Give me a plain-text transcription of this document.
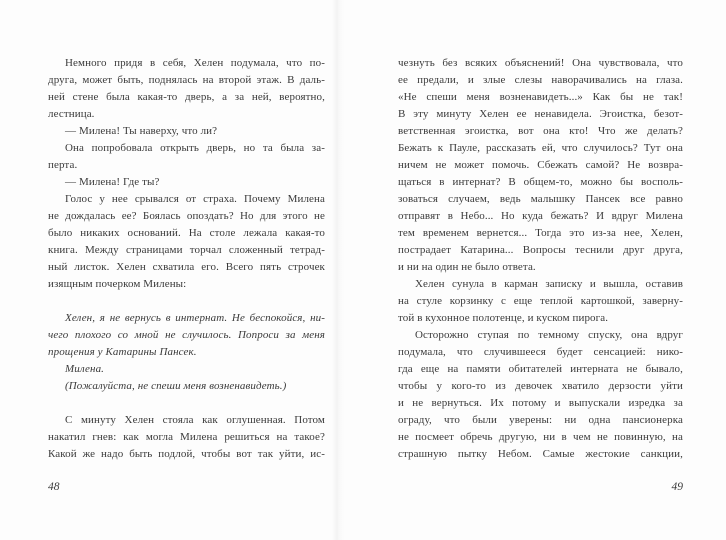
Немного придя в себя, Хелен подумала, что по-
друга, может быть, поднялась на второй этаж. В даль-
ней стене была какая-то дверь, а за ней, вероятно,
лестница.
— Милена! Ты наверху, что ли?
Она попробовала открыть дверь, но та была за-
перта.
— Милена! Где ты?
Голос у нее срывался от страха. Почему Милена
не дождалась ее? Боялась опоздать? Но для этого не
было никаких оснований. На столе лежала какая-то
книга. Между страницами торчал сложенный тетрад-
ный листок. Хелен схватила его. Всего пять строчек
изящным почерком Милены:
Хелен, я не вернусь в интернат. Не беспокойся, ни-
чего плохого со мной не случилось. Попроси за меня
прощения у Катарины Пансек.
Милена.
(Пожалуйста, не спеши меня возненавидеть.)
С минуту Хелен стояла как оглушенная. Потом
накатил гнев: как могла Милена решиться на такое?
Какой же надо быть подлой, чтобы вот так уйти, ис-
48
чезнуть без всяких объяснений! Она чувствовала, что
ее предали, и злые слезы наворачивались на глаза.
«Не спеши меня возненавидеть...» Как бы не так!
В эту минуту Хелен ее ненавидела. Эгоистка, безот-
ветственная эгоистка, вот она кто! Что же делать?
Бежать к Пауле, рассказать ей, что случилось? Тут она
ничем не может помочь. Сбежать самой? Не возвра-
щаться в интернат? В общем-то, можно бы восполь-
зоваться случаем, ведь малышку Пансек все равно
отправят в Небо... Но куда бежать? И вдруг Милена
тем временем вернется... Тогда это из-за нее, Хелен,
пострадает Катарина... Вопросы теснили друг друга,
и ни на один не было ответа.
Хелен сунула в карман записку и вышла, оставив
на стуле корзинку с еще теплой картошкой, заверну-
той в кухонное полотенце, и куском пирога.
Осторожно ступая по темному спуску, она вдруг
подумала, что случившееся будет сенсацией: нико-
гда еще на памяти обитателей интерната не бывало,
чтобы у кого-то из девочек хватило дерзости уйти
и не вернуться. Их потому и выпускали изредка за
ограду, что были уверены: ни одна пансионерка
не посмеет обречь другую, ни в чем не повинную, на
страшную пытку Небом. Самые жестокие санкции,
49
